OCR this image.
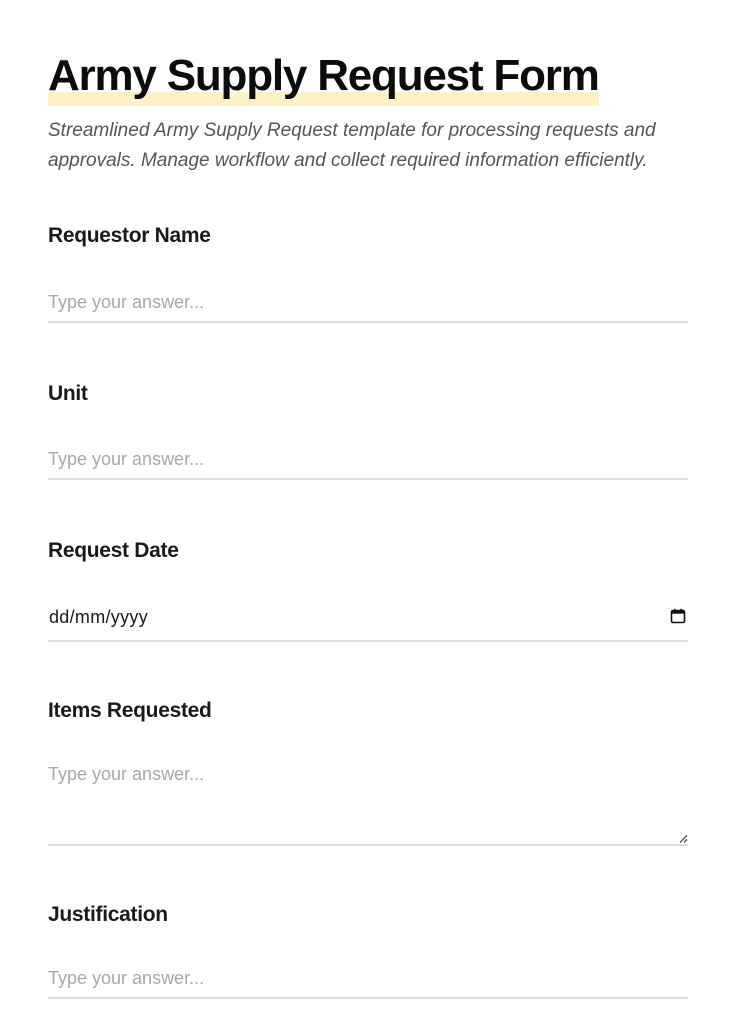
Army Supply Request Form

Streamlined Army Supply Request template for processing requests and approvals. Manage workflow and collect required information efficiently.

Requestor Name
Type your answer...
Unit
Type your answer...
Request Date
dd/mm/yyyy
Items Requested
Type your answer...
Justification
Type your answer...
